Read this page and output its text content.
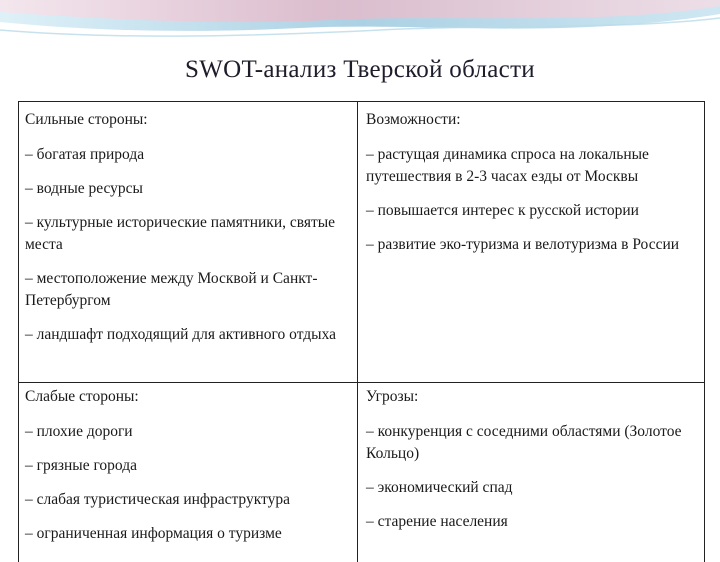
SWOT-анализ Тверской области

Сильные стороны:

– богатая природа

– водные ресурсы

– культурные исторические памятники, святые места

– местоположение между Москвой и Санкт-Петербургом

– ландшафт подходящий для активного отдыха

Возможности:

– растущая динамика спроса на локальные путешествия в 2-3 часах езды от Москвы

– повышается интерес к русской истории

– развитие эко-туризма и велотуризма в России

Слабые стороны:

– плохие дороги

– грязные города

– слабая туристическая инфраструктура

– ограниченная информация о туризме

Угрозы:

– конкуренция с соседними областями (Золотое Кольцо)

– экономический спад

– старение населения
